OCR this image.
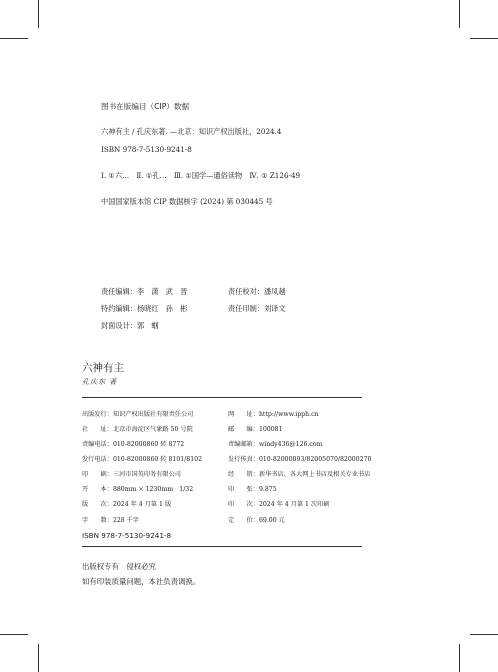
图书在版编目（CIP）数据
六神有主 / 孔庆东著. —北京：知识产权出版社，2024.4
ISBN 978-7-5130-9241-8
Ⅰ. ①六…　Ⅱ. ①孔…　Ⅲ. ①国学—通俗读物　Ⅳ. ① Z126-49
中国国家版本馆 CIP 数据核字 (2024) 第 030445 号
责任编辑：李　潇　武　晋	责任校对：潘凤越
特约编辑：杨晓红　孙　彬	责任印制：刘译文
封面设计：郭　蝈
六神有主
孔庆东 著
出版发行：知识产权出版社有限责任公司
社　　址：北京市海淀区气象路 50 号院
责编电话：010-82000860 转 8772
发行电话：010-82000860 转 8101/8102
印　　刷：三河市国英印务有限公司
开　　本：880mm × 1230mm　1/32
版　　次：2024 年 4 月第 1 版
字　　数：228 千字
网　　址：http://www.ipph.cn
邮　　编：100081
责编邮箱：windy436@126.com
发行传真：010-82000893/82005070/82000270
经　　销：新华书店、各大网上书店及相关专业书店
印　　张：9.875
印　　次：2024 年 4 月第 1 次印刷
定　　价：69.00 元
ISBN 978-7-5130-9241-8
出版权专有　侵权必究
如有印装质量问题，本社负责调换。
